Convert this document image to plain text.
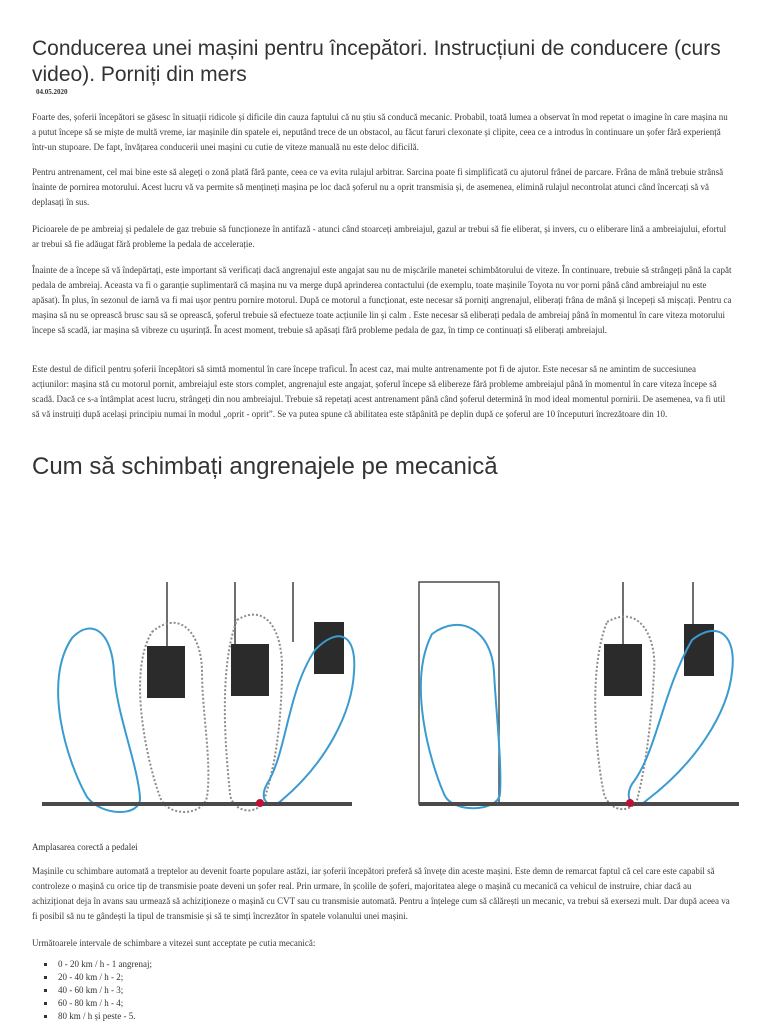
Conducerea unei mașini pentru începători. Instrucțiuni de conducere (curs video). Porniți din mers
04.05.2020

Foarte des, șoferii începători se găsesc în situații ridicole și dificile din cauza faptului că nu știu să conducă mecanic. Probabil, toată lumea a observat în mod repetat o imagine în care mașina nu a putut începe să se miște de multă vreme, iar mașinile din spatele ei, neputând trece de un obstacol, au făcut faruri clexonate și clipite, ceea ce a introdus în continuare un șofer fără experiență într-un stupoare. De fapt, învățarea conducerii unei mașini cu cutie de viteze manuală nu este deloc dificilă.

Pentru antrenament, cel mai bine este să alegeți o zonă plată fără pante, ceea ce va evita rulajul arbitrar. Sarcina poate fi simplificată cu ajutorul frânei de parcare. Frâna de mână trebuie strânsă înainte de pornirea motorului. Acest lucru vă va permite să mențineți mașina pe loc dacă șoferul nu a oprit transmisia și, de asemenea, elimină rulajul necontrolat atunci când încercați să vă deplasați în sus.

Picioarele de pe ambreiaj și pedalele de gaz trebuie să funcționeze în antifază - atunci când stoarceți ambreiajul, gazul ar trebui să fie eliberat, și invers, cu o eliberare lină a ambreiajului, efortul ar trebui să fie adăugat fără probleme la pedala de accelerație.

Înainte de a începe să vă îndepărtați, este important să verificați dacă angrenajul este angajat sau nu de mișcările manetei schimbătorului de viteze. În continuare, trebuie să strângeți până la capăt pedala de ambreiaj. Aceasta va fi o garanție suplimentară că mașina nu va merge după aprinderea contactului (de exemplu, toate mașinile Toyota nu vor porni până când ambreiajul nu este apăsat). În plus, în sezonul de iarnă va fi mai ușor pentru pornire motorul. După ce motorul a funcționat, este necesar să porniți angrenajul, eliberați frâna de mână și începeți să mișcați. Pentru ca mașina să nu se oprească brusc sau să se oprească, șoferul trebuie să efectueze toate acțiunile lin și calm . Este necesar să eliberați pedala de ambreiaj până în momentul în care viteza motorului începe să scadă, iar mașina să vibreze cu ușurință. În acest moment, trebuie să apăsați fără probleme pedala de gaz, în timp ce continuați să eliberați ambreiajul.

Este destul de dificil pentru șoferii începători să simtă momentul în care începe traficul. În acest caz, mai multe antrenamente pot fi de ajutor. Este necesar să ne amintim de succesiunea acțiunilor: mașina stă cu motorul pornit, ambreiajul este stors complet, angrenajul este angajat, șoferul începe să elibereze fără probleme ambreiajul până în momentul în care viteza începe să scadă. Dacă ce s-a întâmplat acest lucru, strângeți din nou ambreiajul. Trebuie să repetați acest antrenament până când șoferul determină în mod ideal momentul pornirii. De asemenea, va fi util să vă instruiți după același principiu numai în modul „oprit - oprit”. Se va putea spune că abilitatea este stăpânită pe deplin după ce șoferul are 10 începuturi încrezătoare din 10.

Cum să schimbați angrenajele pe mecanică
Amplasarea corectă a pedalei

Mașinile cu schimbare automată a treptelor au devenit foarte populare astăzi, iar șoferii începători preferă să învețe din aceste mașini. Este demn de remarcat faptul că cel care este capabil să controleze o mașină cu orice tip de transmisie poate deveni un șofer real. Prin urmare, în școlile de șoferi, majoritatea alege o mașină cu mecanică ca vehicul de instruire, chiar dacă au achiziționat deja în avans sau urmează să achiziționeze o mașină cu CVT sau cu transmisie automată. Pentru a înțelege cum să călărești un mecanic, va trebui să exersezi mult. Dar după aceea va fi posibil să nu te gândești la tipul de transmisie și să te simți încrezător în spatele volanului unei mașini.

Următoarele intervale de schimbare a vitezei sunt acceptate pe cutia mecanică:

▪ 0 - 20 km / h - 1 angrenaj;
▪ 20 - 40 km / h - 2;
▪ 40 - 60 km / h - 3;
▪ 60 - 80 km / h - 4;
▪ 80 km / h și peste - 5.
